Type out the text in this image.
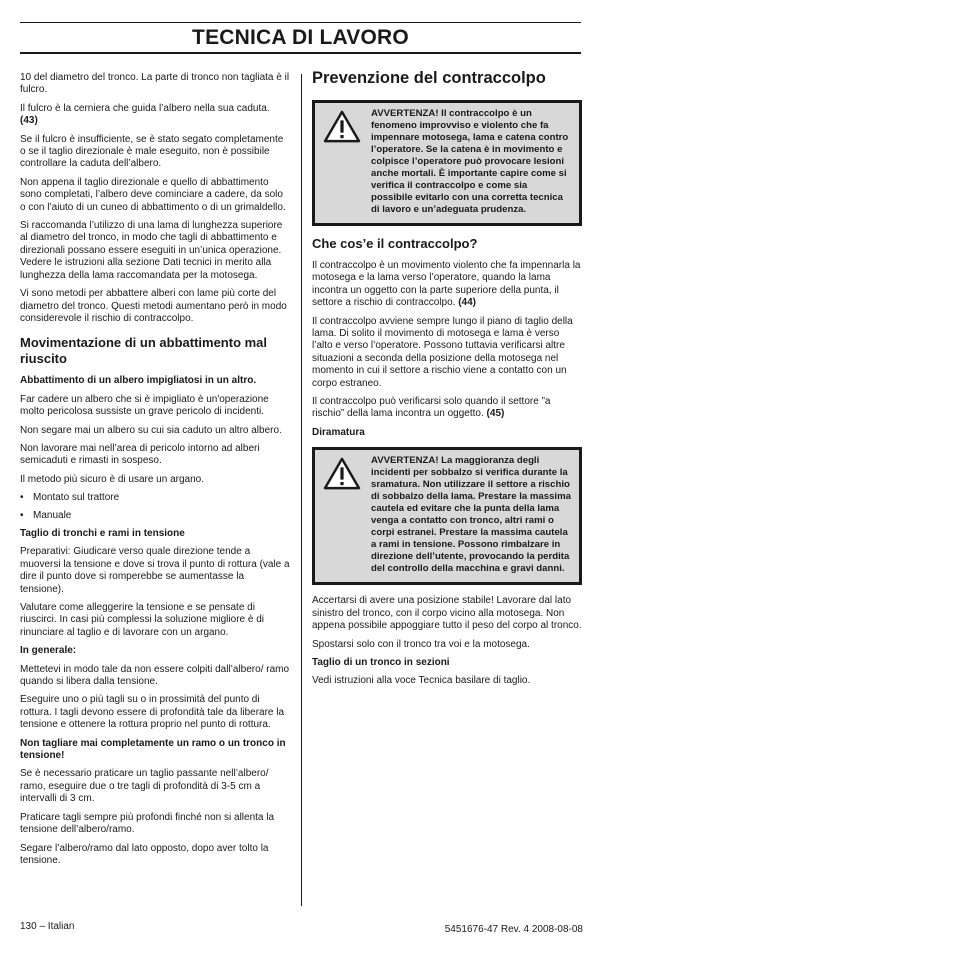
TECNICA DI LAVORO

10 del diametro del tronco. La parte di tronco non tagliata è il fulcro.

Il fulcro è la cerniera che guida l’albero nella sua caduta.
(43)

Se il fulcro è insufficiente, se è stato segato completamente o se il taglio direzionale è male eseguito, non è possibile controllare la caduta dell’albero.

Non appena il taglio direzionale e quello di abbattimento sono completati, l’albero deve cominciare a cadere, da solo o con l’aiuto di un cuneo di abbattimento o di un grimaldello.

Si raccomanda l’utilizzo di una lama di lunghezza superiore al diametro del tronco, in modo che tagli di abbattimento e direzionali possano essere eseguiti in un’unica operazione. Vedere le istruzioni alla sezione Dati tecnici in merito alla lunghezza della lama raccomandata per la motosega.

Vi sono metodi per abbattere alberi con lame più corte del diametro del tronco. Questi metodi aumentano però in modo considerevole il rischio di contraccolpo.

Movimentazione di un abbattimento mal riuscito
Abbattimento di un albero impigliatosi in un altro.

Far cadere un albero che si è impigliato è un'operazione molto pericolosa sussiste un grave pericolo di incidenti.

Non segare mai un albero su cui sia caduto un altro albero.

Non lavorare mai nell’area di pericolo intorno ad alberi semicaduti e rimasti in sospeso.

Il metodo più sicuro è di usare un argano.

• Montato sul trattore
• Manuale
Taglio di tronchi e rami in tensione

Preparativi: Giudicare verso quale direzione tende a muoversi la tensione e dove si trova il punto di rottura (vale a dire il punto dove si romperebbe se aumentasse la tensione).

Valutare come alleggerire la tensione e se pensate di riuscirci. In casi più complessi la soluzione migliore è di rinunciare al taglio e di lavorare con un argano.

In generale:

Mettetevi in modo tale da non essere colpiti dall’albero/ ramo quando si libera dalla tensione.

Eseguire uno o più tagli su o in prossimità del punto di rottura. I tagli devono essere di profondità tale da liberare la tensione e ottenere la rottura proprio nel punto di rottura.

Non tagliare mai completamente un ramo o un tronco in tensione!

Se è necessario praticare un taglio passante nell’albero/ ramo, eseguire due o tre tagli di profondità di 3-5 cm a intervalli di 3 cm.

Praticare tagli sempre più profondi finché non si allenta la tensione dell’albero/ramo.

Segare l’albero/ramo dal lato opposto, dopo aver tolto la tensione.

Prevenzione del contraccolpo
AVVERTENZA! Il contraccolpo è un fenomeno improvviso e violento che fa impennare motosega, lama e catena contro l’operatore. Se la catena è in movimento e colpisce l’operatore può provocare lesioni anche mortali. È importante capire come si verifica il contraccolpo e come sia possibile evitarlo con una corretta tecnica di lavoro e un’adeguata prudenza.
Che cos’e il contraccolpo?

Il contraccolpo è un movimento violento che fa impennarla la motosega e la lama verso l’operatore, quando la lama incontra un oggetto con la parte superiore della punta, il settore a rischio di contraccolpo. (44)

Il contraccolpo avviene sempre lungo il piano di taglio della lama. Di solito il movimento di motosega e lama è verso l’alto e verso l’operatore. Possono tuttavia verificarsi altre situazioni a seconda della posizione della motosega nel momento in cui il settore a rischio viene a contatto con un corpo estraneo.

Il contraccolpo può verificarsi solo quando il settore ”a rischio” della lama incontra un oggetto. (45)

Diramatura
AVVERTENZA! La maggioranza degli incidenti per sobbalzo si verifica durante la sramatura. Non utilizzare il settore a rischio di sobbalzo della lama. Prestare la massima cautela ed evitare che la punta della lama venga a contatto con tronco, altri rami o corpi estranei. Prestare la massima cautela a rami in tensione. Possono rimbalzare in direzione dell’utente, provocando la perdita del controllo della macchina e gravi danni.

Accertarsi di avere una posizione stabile! Lavorare dal lato sinistro del tronco, con il corpo vicino alla motosega. Non appena possibile appoggiare tutto il peso del corpo al tronco.

Spostarsi solo con il tronco tra voi e la motosega.

Taglio di un tronco in sezioni

Vedi istruzioni alla voce Tecnica basilare di taglio.

130 – Italian	5451676-47 Rev. 4 2008-08-08
